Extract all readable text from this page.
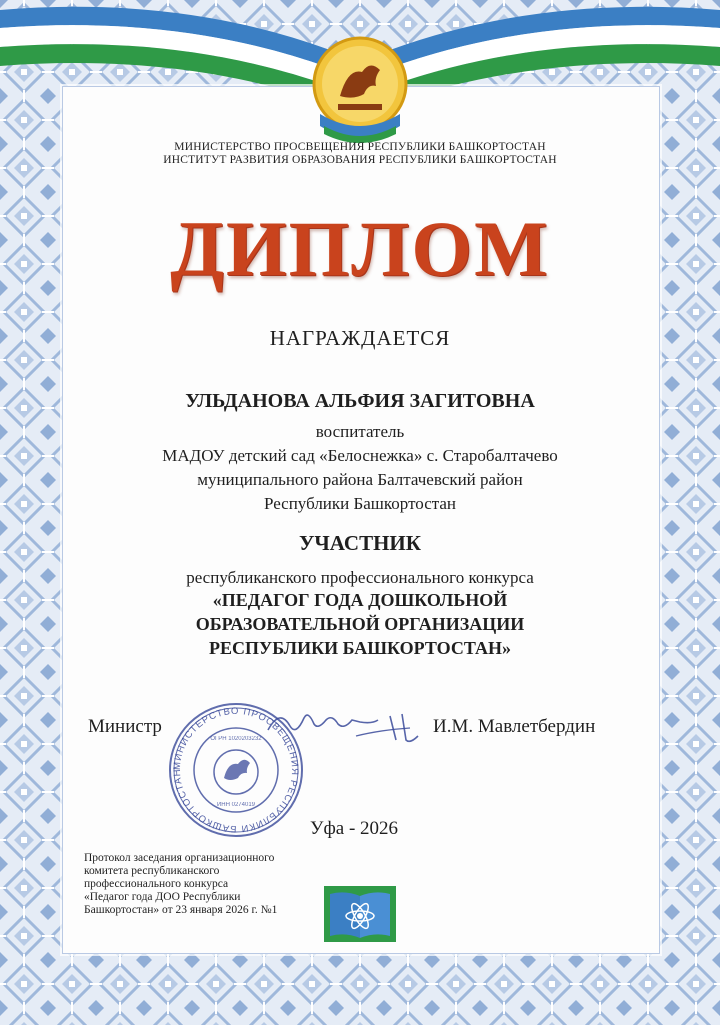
МИНИСТЕРСТВО ПРОСВЕЩЕНИЯ РЕСПУБЛИКИ БАШКОРТОСТАН
ИНСТИТУТ РАЗВИТИЯ ОБРАЗОВАНИЯ РЕСПУБЛИКИ БАШКОРТОСТАН
ДИПЛОМ
НАГРАЖДАЕТСЯ
УЛЬДАНОВА АЛЬФИЯ ЗАГИТОВНА
воспитатель
МАДОУ детский сад «Белоснежка» с. Старобалтачево
муниципального района Балтачевский район
Республики Башкортостан
УЧАСТНИК
республиканского профессионального конкурса
«ПЕДАГОГ ГОДА ДОШКОЛЬНОЙ
ОБРАЗОВАТЕЛЬНОЙ ОРГАНИЗАЦИИ
РЕСПУБЛИКИ БАШКОРТОСТАН»
МИНИСТЕРСТВО ПРОСВЕЩЕНИЯ РЕСПУБЛИКИ БАШКОРТОСТАН
ОГРН 1020203232
ИНН 0274019
Министр	И.М. Мавлетбердин
Уфа - 2026
Протокол заседания организационного
комитета республиканского
профессионального конкурса
«Педагог года ДОО Республики
Башкортостан» от 23 января 2026 г. №1
